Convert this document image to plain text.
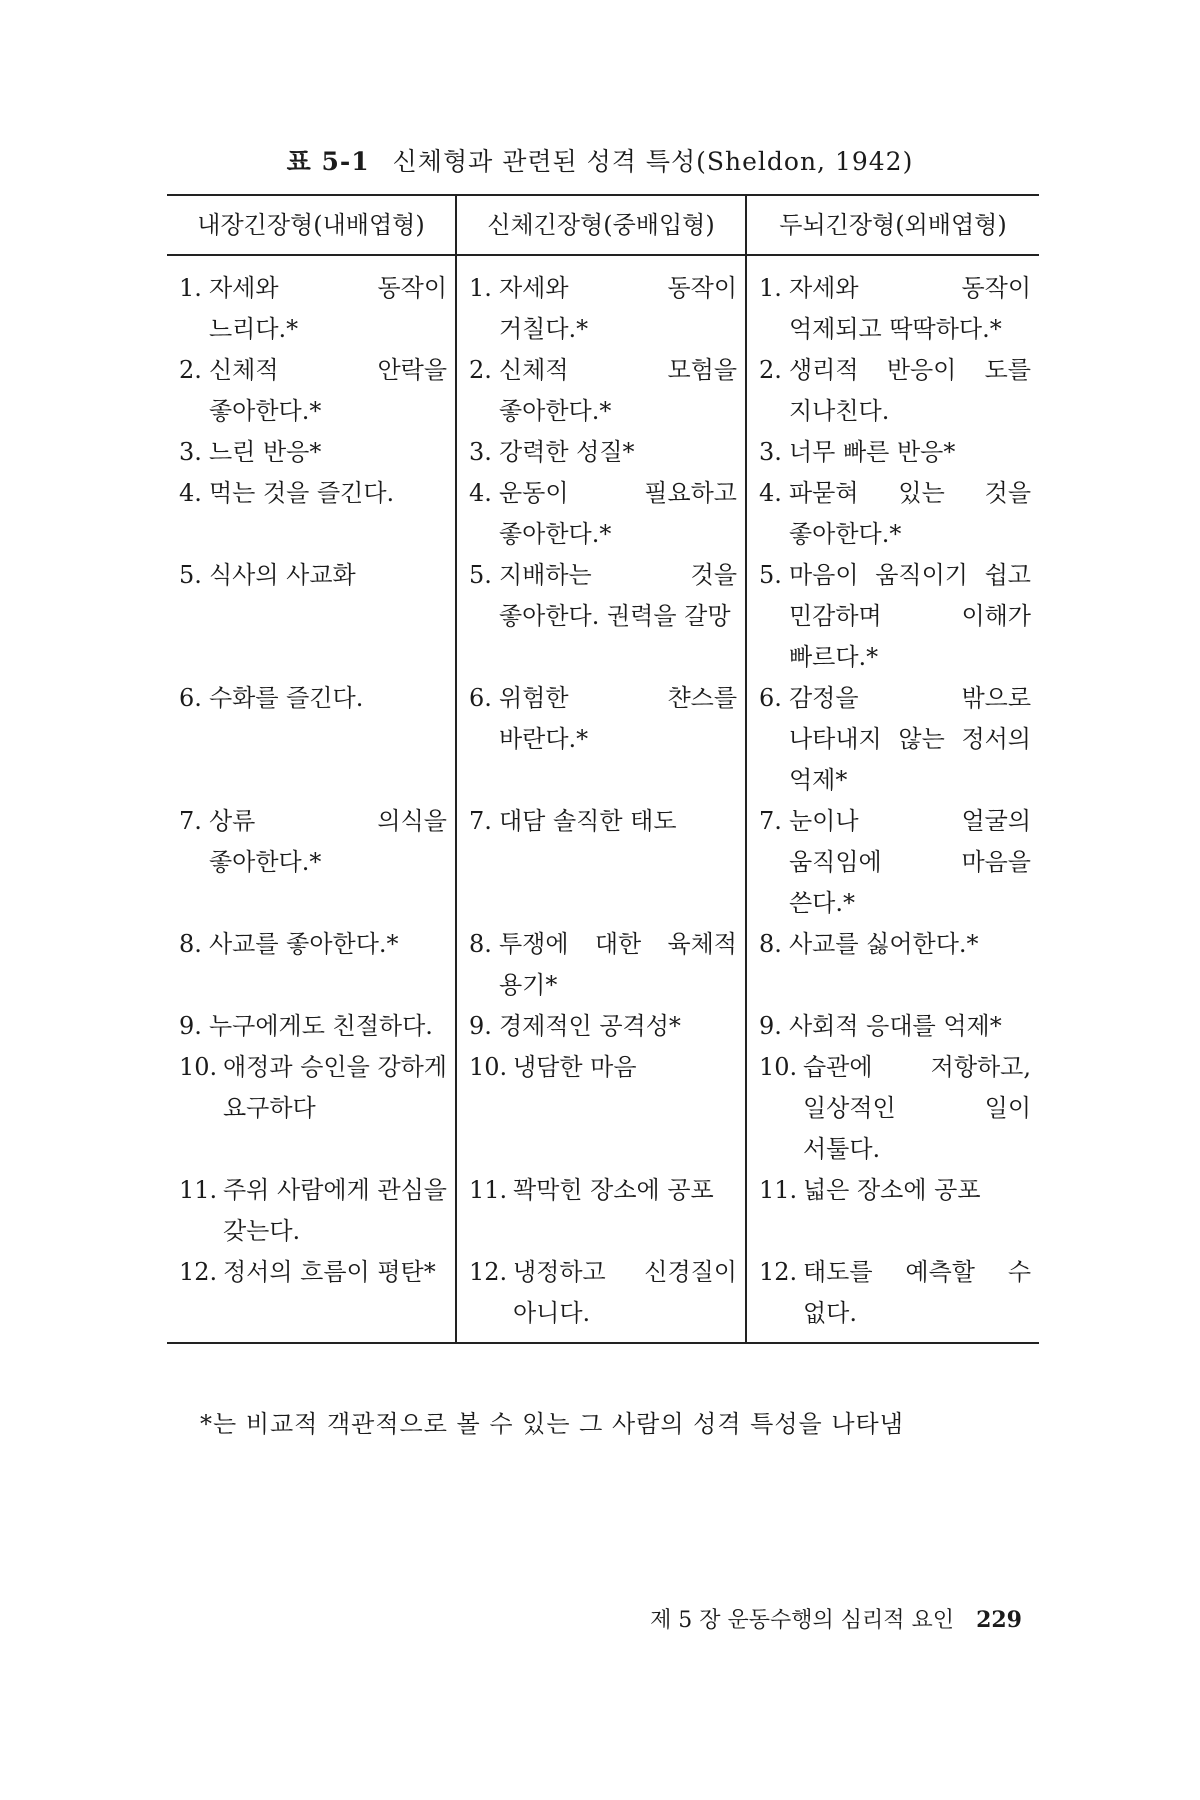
표 5-1 신체형과 관련된 성격 특성(Sheldon, 1942)
내장긴장형(내배엽형)	신체긴장형(중배입형)	두뇌긴장형(외배엽형)

1. 자세와 동작이 느리다.*	1. 자세와 동작이 거칠다.*	1. 자세와 동작이 억제되고 딱딱하다.*

2. 신체적 안락을 좋아한다.*	2. 신체적 모험을 좋아한다.*	2. 생리적 반응이 도를 지나친다.

3. 느린 반응*	3. 강력한 성질*	3. 너무 빠른 반응*

4. 먹는 것을 즐긴다.	4. 운동이 필요하고 좋아한다.*	4. 파묻혀 있는 것을 좋아한다.*

5. 식사의 사교화	5. 지배하는 것을 좋아한다. 권력을 갈망	5. 마음이 움직이기 쉽고 민감하며 이해가 빠르다.*

6. 수화를 즐긴다.	6. 위험한 챤스를 바란다.*	6. 감정을 밖으로 나타내지 않는 정서의 억제*

7. 상류 의식을 좋아한다.*	7. 대담 솔직한 태도	7. 눈이나 얼굴의 움직임에 마음을 쓴다.*

8. 사교를 좋아한다.*	8. 투쟁에 대한 육체적 용기*	8. 사교를 싫어한다.*

9. 누구에게도 친절하다.	9. 경제적인 공격성*	9. 사회적 응대를 억제*

10. 애정과 승인을 강하게 요구하다	10. 냉담한 마음	10. 습관에 저항하고, 일상적인 일이 서툴다.

11. 주위 사람에게 관심을 갖는다.	11. 꽉막힌 장소에 공포	11. 넓은 장소에 공포

12. 정서의 흐름이 평탄*	12. 냉정하고 신경질이 아니다.	12. 태도를 예측할 수 없다.
*는 비교적 객관적으로 볼 수 있는 그 사람의 성격 특성을 나타냄
제 5 장 운동수행의 심리적 요인 229
